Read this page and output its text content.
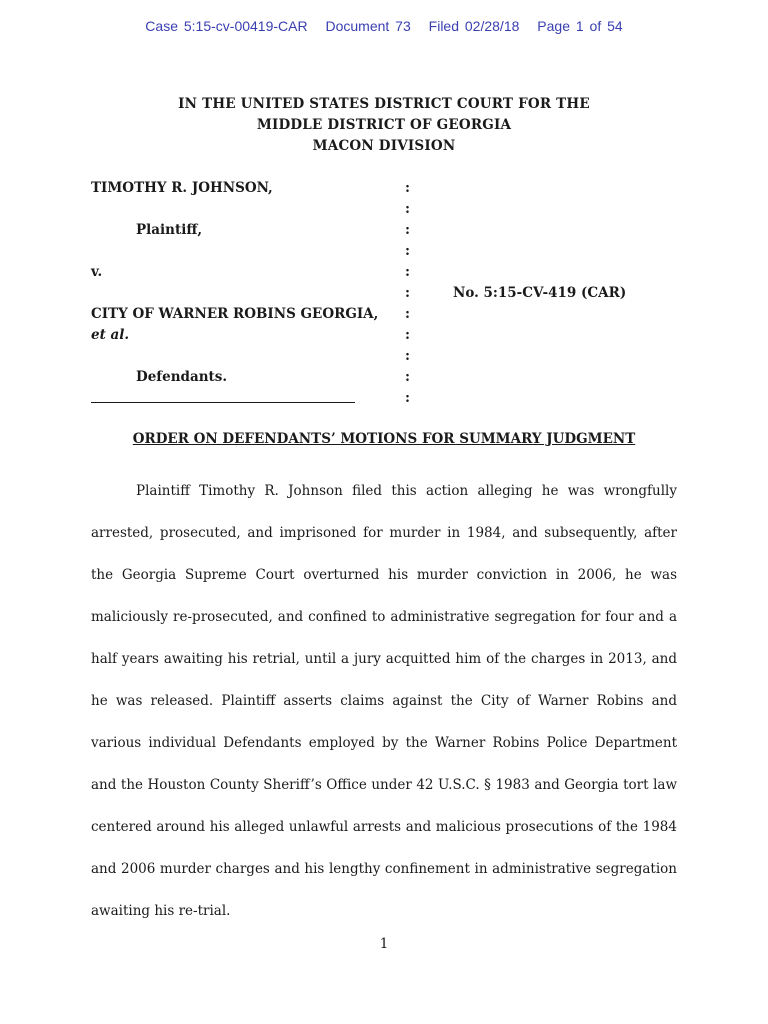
Case 5:15-cv-00419-CAR Document 73 Filed 02/28/18 Page 1 of 54
IN THE UNITED STATES DISTRICT COURT FOR THE
MIDDLE DISTRICT OF GEORGIA
MACON DIVISION
TIMOTHY R. JOHNSON,
Plaintiff,
v.
CITY OF WARNER ROBINS GEORGIA,
et al.
Defendants.
:
:
:
:
:
:
:
:
:
:
:
No. 5:15-CV-419 (CAR)
ORDER ON DEFENDANTS’ MOTIONS FOR SUMMARY JUDGMENT

Plaintiff Timothy R. Johnson filed this action alleging he was wrongfully arrested, prosecuted, and imprisoned for murder in 1984, and subsequently, after the Georgia Supreme Court overturned his murder conviction in 2006, he was maliciously re-prosecuted, and confined to administrative segregation for four and a half years awaiting his retrial, until a jury acquitted him of the charges in 2013, and he was released. Plaintiff asserts claims against the City of Warner Robins and various individual Defendants employed by the Warner Robins Police Department and the Houston County Sheriff’s Office under 42 U.S.C. § 1983 and Georgia tort law centered around his alleged unlawful arrests and malicious prosecutions of the 1984 and 2006 murder charges and his lengthy confinement in administrative segregation awaiting his re-trial.

1
